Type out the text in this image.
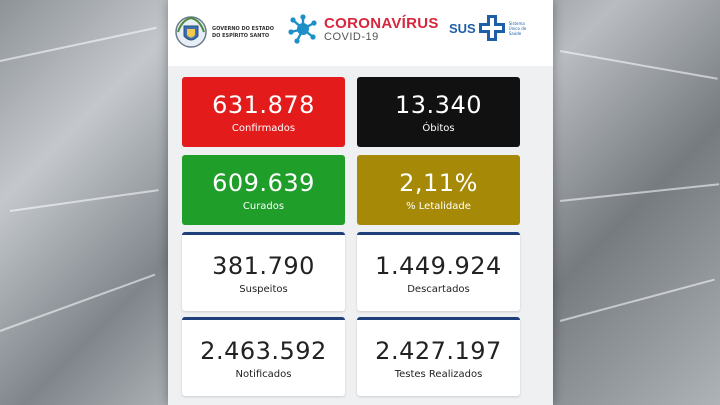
GOVERNO DO ESTADO DO ESPÍRITO SANTO
CORONAVÍRUS
COVID-19
SUS	Sistema Único de Saúde
631.878
Confirmados
13.340
Óbitos
609.639
Curados
2,11%
% Letalidade
381.790
Suspeitos
1.449.924
Descartados
2.463.592
Notificados
2.427.197
Testes Realizados
